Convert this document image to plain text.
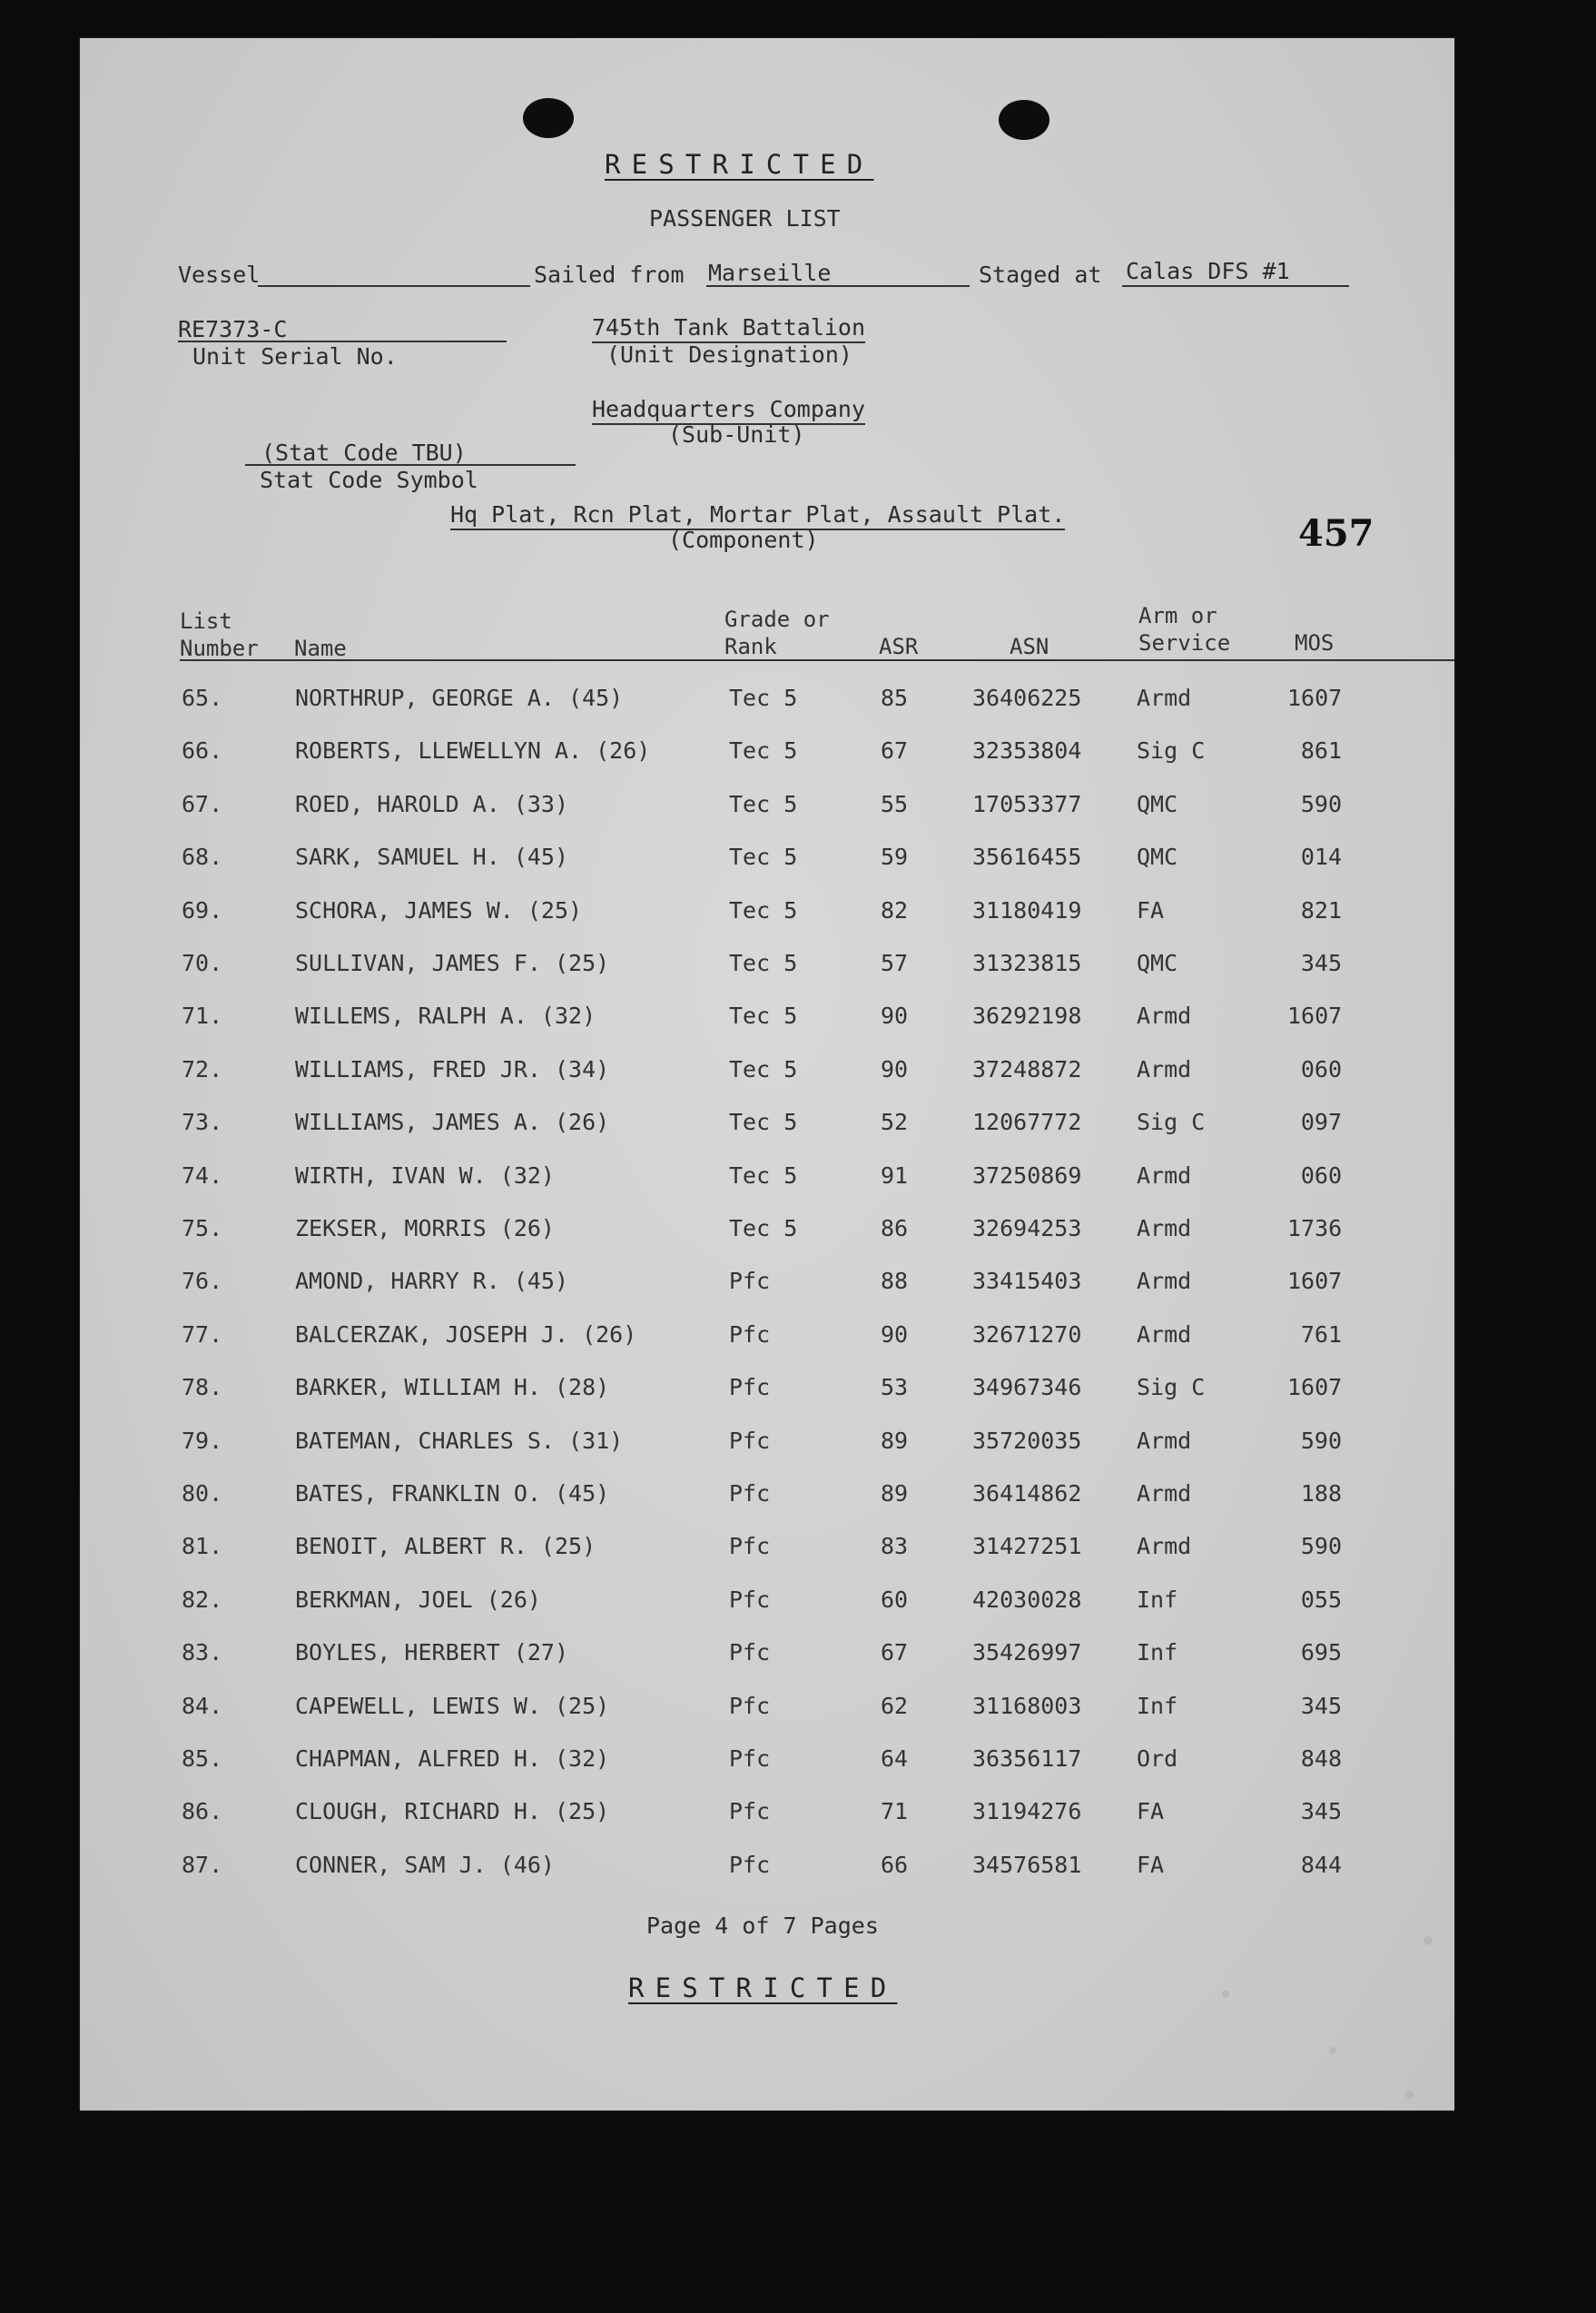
RESTRICTED
PASSENGER LIST
Vessel	Sailed from Marseille	Staged at Calas DFS #1
RE7373-C
Unit Serial No.
745th Tank Battalion
(Unit Designation)
Headquarters Company
(Sub-Unit)
(Stat Code TBU)
Stat Code Symbol
Hq Plat, Rcn Plat, Mortar Plat, Assault Plat.
(Component)	457
List
Number Name
Grade or
Rank	ASR	ASN
Arm or
Service	MOS
65.	NORTHRUP, GEORGE A. (45)	Tec 5	85	36406225 Armd	1607
66.	ROBERTS, LLEWELLYN A. (26)	Tec 5	67	32353804 Sig C	861
67.	ROED, HAROLD A. (33)	Tec 5	55	17053377 QMC	590
68.	SARK, SAMUEL H. (45)	Tec 5	59	35616455 QMC	014
69.	SCHORA, JAMES W. (25)	Tec 5	82	31180419 FA	821
70.	SULLIVAN, JAMES F. (25)	Tec 5	57	31323815 QMC	345
71.	WILLEMS, RALPH A. (32)	Tec 5	90	36292198 Armd	1607
72.	WILLIAMS, FRED JR. (34)	Tec 5	90	37248872 Armd	060
73.	WILLIAMS, JAMES A. (26)	Tec 5	52	12067772 Sig C	097
74.	WIRTH, IVAN W. (32)	Tec 5	91	37250869 Armd	060
75.	ZEKSER, MORRIS (26)	Tec 5	86	32694253 Armd	1736
76.	AMOND, HARRY R. (45)	Pfc	88	33415403 Armd	1607
77.	BALCERZAK, JOSEPH J. (26)	Pfc	90	32671270 Armd	761
78.	BARKER, WILLIAM H. (28)	Pfc	53	34967346 Sig C	1607
79.	BATEMAN, CHARLES S. (31)	Pfc	89	35720035 Armd	590
80.	BATES, FRANKLIN O. (45)	Pfc	89	36414862 Armd	188
81.	BENOIT, ALBERT R. (25)	Pfc	83	31427251 Armd	590
82.	BERKMAN, JOEL (26)	Pfc	60	42030028 Inf	055
83.	BOYLES, HERBERT (27)	Pfc	67	35426997 Inf	695
84.	CAPEWELL, LEWIS W. (25)	Pfc	62	31168003 Inf	345
85.	CHAPMAN, ALFRED H. (32)	Pfc	64	36356117 Ord	848
86.	CLOUGH, RICHARD H. (25)	Pfc	71	31194276 FA	345
87.	CONNER, SAM J. (46)	Pfc	66	34576581 FA	844
Page 4 of 7 Pages
RESTRICTED
